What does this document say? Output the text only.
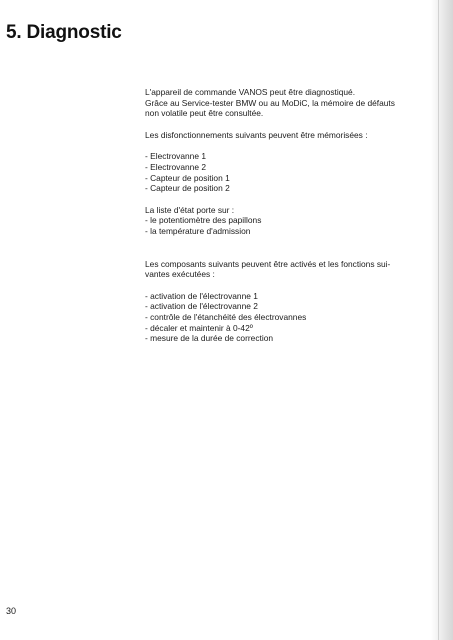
5. Diagnostic

L'appareil de commande VANOS peut être diagnostiqué.

Grâce au Service-tester BMW ou au MoDiC, la mémoire de défauts

non volatile peut être consultée.

Les disfonctionnements suivants peuvent être mémorisées :

- Electrovanne 1

- Electrovanne 2

- Capteur de position 1

- Capteur de position 2

La liste d'état porte sur :

- le potentiomètre des papillons

- la température d'admission

Les composants suivants peuvent être activés et les fonctions sui-

vantes exécutées :

- activation de l'électrovanne 1

- activation de l'électrovanne 2

- contrôle de l'étanchéité des électrovannes

- décaler et maintenir à 0-42º

- mesure de la durée de correction

30
